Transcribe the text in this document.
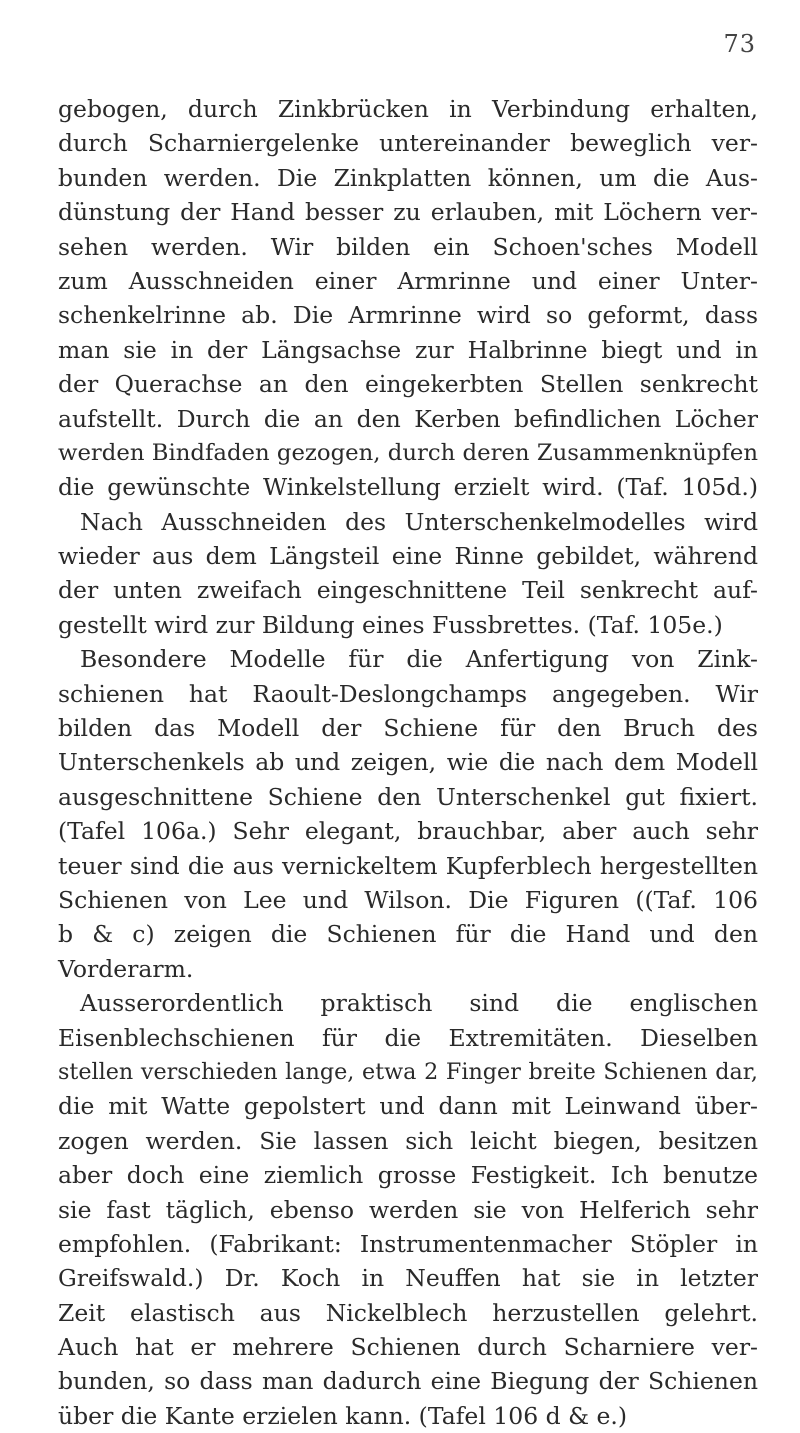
73
gebogen, durch Zinkbrücken in Verbindung erhalten,
durch Scharniergelenke untereinander beweglich ver-
bunden werden. Die Zinkplatten können, um die Aus-
dünstung der Hand besser zu erlauben, mit Löchern ver-
sehen werden. Wir bilden ein Schoen'sches Modell
zum Ausschneiden einer Armrinne und einer Unter-
schenkelrinne ab. Die Armrinne wird so geformt, dass
man sie in der Längsachse zur Halbrinne biegt und in
der Querachse an den eingekerbten Stellen senkrecht
aufstellt. Durch die an den Kerben befindlichen Löcher
werden Bindfaden gezogen, durch deren Zusammenknüpfen
die gewünschte Winkelstellung erzielt wird. (Taf. 105d.)
Nach Ausschneiden des Unterschenkelmodelles wird
wieder aus dem Längsteil eine Rinne gebildet, während
der unten zweifach eingeschnittene Teil senkrecht auf-
gestellt wird zur Bildung eines Fussbrettes. (Taf. 105e.)
Besondere Modelle für die Anfertigung von Zink-
schienen hat Raoult-Deslongchamps angegeben. Wir
bilden das Modell der Schiene für den Bruch des
Unterschenkels ab und zeigen, wie die nach dem Modell
ausgeschnittene Schiene den Unterschenkel gut fixiert.
(Tafel 106a.) Sehr elegant, brauchbar, aber auch sehr
teuer sind die aus vernickeltem Kupferblech hergestellten
Schienen von Lee und Wilson. Die Figuren ((Taf. 106
b & c) zeigen die Schienen für die Hand und den
Vorderarm.
Ausserordentlich praktisch sind die englischen
Eisenblechschienen für die Extremitäten. Dieselben
stellen verschieden lange, etwa 2 Finger breite Schienen dar,
die mit Watte gepolstert und dann mit Leinwand über-
zogen werden. Sie lassen sich leicht biegen, besitzen
aber doch eine ziemlich grosse Festigkeit. Ich benutze
sie fast täglich, ebenso werden sie von Helferich sehr
empfohlen. (Fabrikant: Instrumentenmacher Stöpler in
Greifswald.) Dr. Koch in Neuffen hat sie in letzter
Zeit elastisch aus Nickelblech herzustellen gelehrt.
Auch hat er mehrere Schienen durch Scharniere ver-
bunden, so dass man dadurch eine Biegung der Schienen
über die Kante erzielen kann. (Tafel 106 d & e.)
